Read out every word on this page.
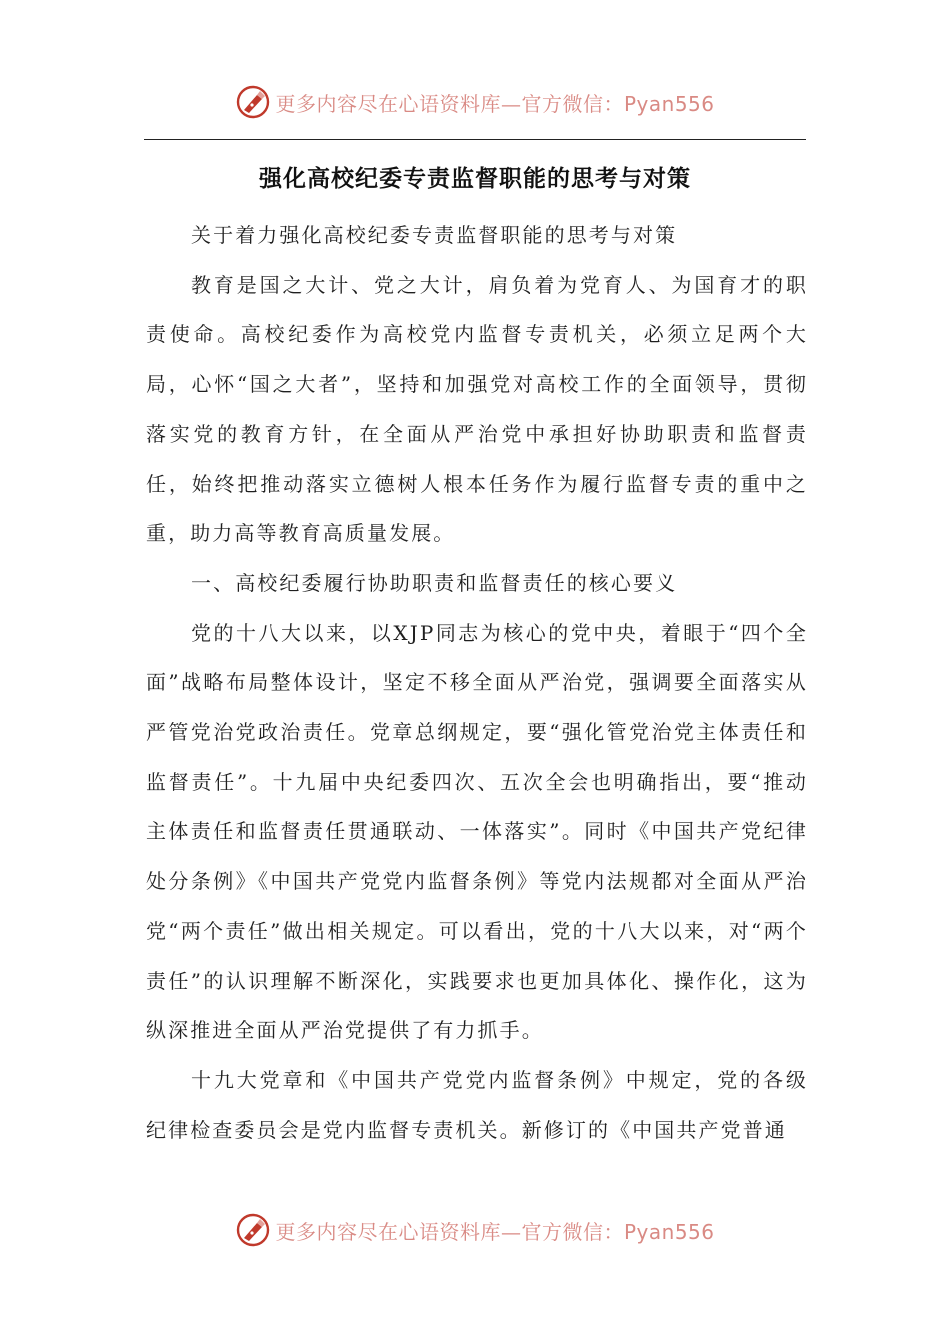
更多内容尽在心语资料库—官方微信：Pyan556
强化高校纪委专责监督职能的思考与对策

关于着力强化高校纪委专责监督职能的思考与对策

教育是国之大计、党之大计，肩负着为党育人、为国育才的职责使命。高校纪委作为高校党内监督专责机关，必须立足两个大局，心怀“国之大者”，坚持和加强党对高校工作的全面领导，贯彻落实党的教育方针，在全面从严治党中承担好协助职责和监督责任，始终把推动落实立德树人根本任务作为履行监督专责的重中之重，助力高等教育高质量发展。

一、高校纪委履行协助职责和监督责任的核心要义

党的十八大以来，以XJP同志为核心的党中央，着眼于“四个全面”战略布局整体设计，坚定不移全面从严治党，强调要全面落实从严管党治党政治责任。党章总纲规定，要“强化管党治党主体责任和监督责任”。十九届中央纪委四次、五次全会也明确指出，要“推动主体责任和监督责任贯通联动、一体落实”。同时《中国共产党纪律处分条例》《中国共产党党内监督条例》等党内法规都对全面从严治党“两个责任”做出相关规定。可以看出，党的十八大以来，对“两个责任”的认识理解不断深化，实践要求也更加具体化、操作化，这为纵深推进全面从严治党提供了有力抓手。

十九大党章和《中国共产党党内监督条例》中规定，党的各级纪律检查委员会是党内监督专责机关。新修订的《中国共产党普通

更多内容尽在心语资料库—官方微信：Pyan556
